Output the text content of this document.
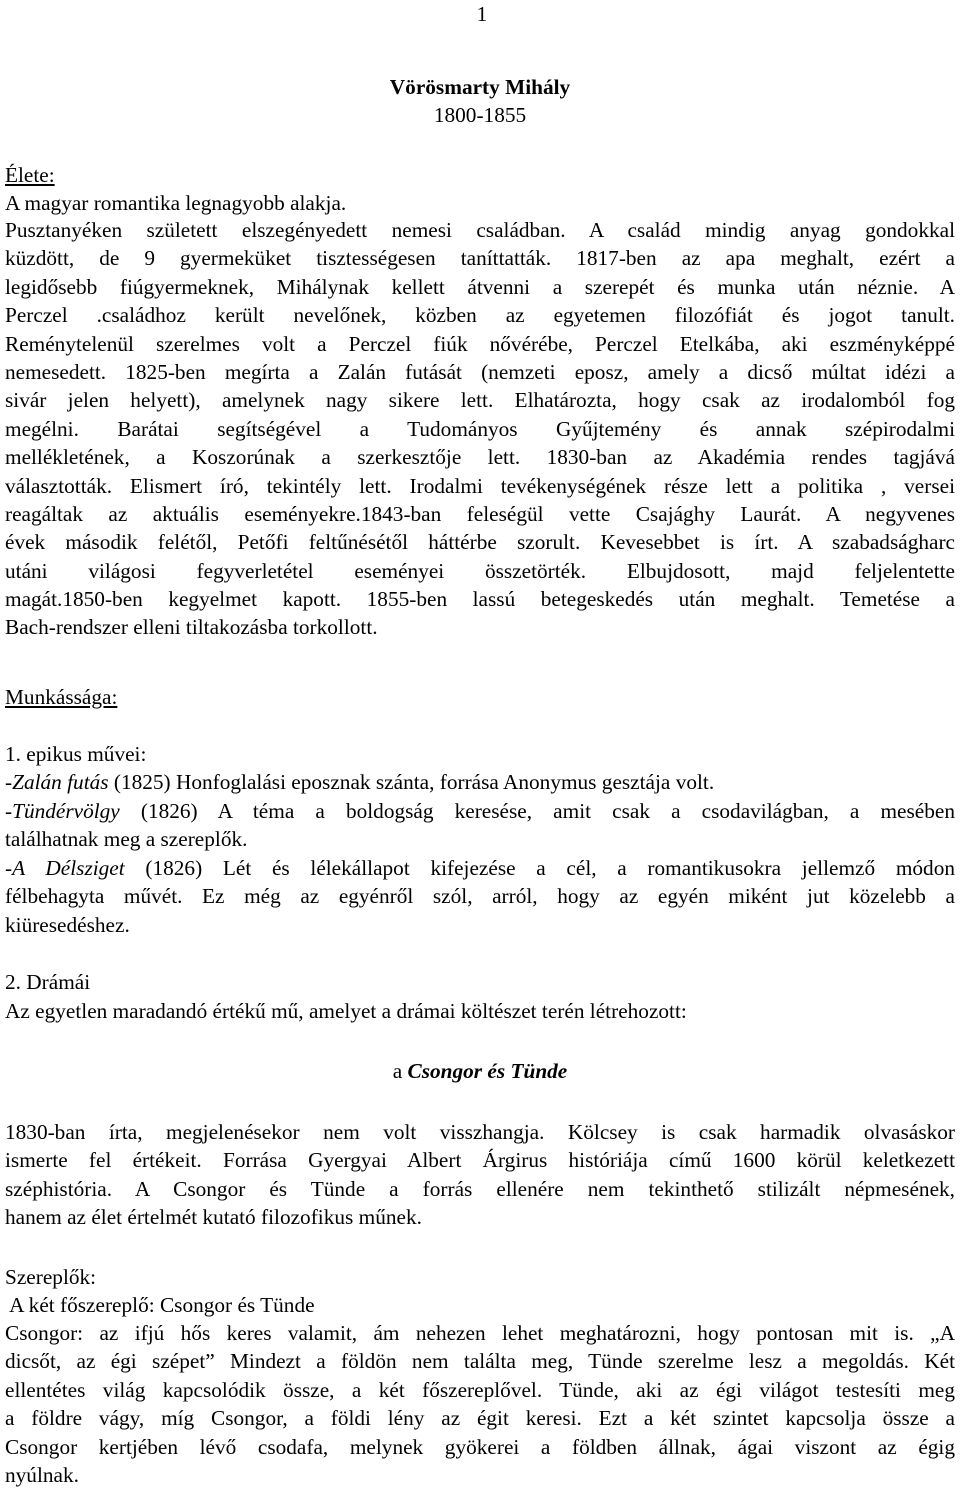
1
Vörösmarty Mihály
1800-1855
Élete:
A magyar romantika legnagyobb alakja.
Pusztanyéken született elszegényedett nemesi családban. A család mindig anyag gondokkal
küzdött, de 9 gyermeküket tisztességesen taníttatták. 1817-ben az apa meghalt, ezért a
legidősebb fiúgyermeknek, Mihálynak kellett átvenni a szerepét és munka után néznie. A
Perczel .családhoz került nevelőnek, közben az egyetemen filozófiát és jogot tanult.
Reménytelenül szerelmes volt a Perczel fiúk nővérébe, Perczel Etelkába, aki eszményképpé
nemesedett. 1825-ben megírta a Zalán futását (nemzeti eposz, amely a dicső múltat idézi a
sivár jelen helyett), amelynek nagy sikere lett. Elhatározta, hogy csak az irodalomból fog
megélni. Barátai segítségével a Tudományos Gyűjtemény és annak szépirodalmi
mellékletének, a Koszorúnak a szerkesztője lett. 1830-ban az Akadémia rendes tagjává
választották. Elismert író, tekintély lett. Irodalmi tevékenységének része lett a politika , versei
reagáltak az aktuális eseményekre.1843-ban feleségül vette Csajághy Laurát. A negyvenes
évek második felétől, Petőfi feltűnésétől háttérbe szorult. Kevesebbet is írt. A szabadságharc
utáni világosi fegyverletétel eseményei összetörték. Elbujdosott, majd feljelentette
magát.1850-ben kegyelmet kapott. 1855-ben lassú betegeskedés után meghalt. Temetése a
Bach-rendszer elleni tiltakozásba torkollott.
Munkássága:
1. epikus művei:
-Zalán futás (1825) Honfoglalási eposznak szánta, forrása Anonymus gesztája volt.
-Tündérvölgy (1826) A téma a boldogság keresése, amit csak a csodavilágban, a mesében
találhatnak meg a szereplők.
-A Délsziget (1826) Lét és lélekállapot kifejezése a cél, a romantikusokra jellemző módon
félbehagyta művét. Ez még az egyénről szól, arról, hogy az egyén miként jut közelebb a
kiüresedéshez.
2. Drámái
Az egyetlen maradandó értékű mű, amelyet a drámai költészet terén létrehozott:
a Csongor és Tünde
1830-ban írta, megjelenésekor nem volt visszhangja. Kölcsey is csak harmadik olvasáskor
ismerte fel értékeit. Forrása Gyergyai Albert Árgirus históriája című 1600 körül keletkezett
széphistória. A Csongor és Tünde a forrás ellenére nem tekinthető stilizált népmesének,
hanem az élet értelmét kutató filozofikus műnek.
Szereplők:
A két főszereplő: Csongor és Tünde
Csongor: az ifjú hős keres valamit, ám nehezen lehet meghatározni, hogy pontosan mit is. „A
dicsőt, az égi szépet” Mindezt a földön nem találta meg, Tünde szerelme lesz a megoldás. Két
ellentétes világ kapcsolódik össze, a két főszereplővel. Tünde, aki az égi világot testesíti meg
a földre vágy, míg Csongor, a földi lény az égit keresi. Ezt a két szintet kapcsolja össze a
Csongor kertjében lévő csodafa, melynek gyökerei a földben állnak, ágai viszont az égig
nyúlnak.
